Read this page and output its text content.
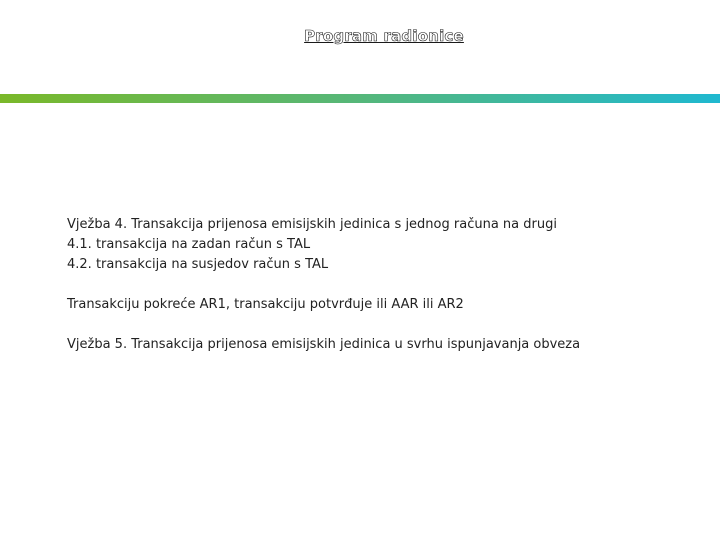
Program radionice
Vježba 4. Transakcija prijenosa emisijskih jedinica s jednog računa na drugi
4.1. transakcija na zadan račun s TAL
4.2. transakcija na susjedov račun s TAL
Transakciju pokreće AR1, transakciju potvrđuje ili AAR ili AR2
Vježba 5. Transakcija prijenosa emisijskih jedinica u svrhu ispunjavanja obveza
